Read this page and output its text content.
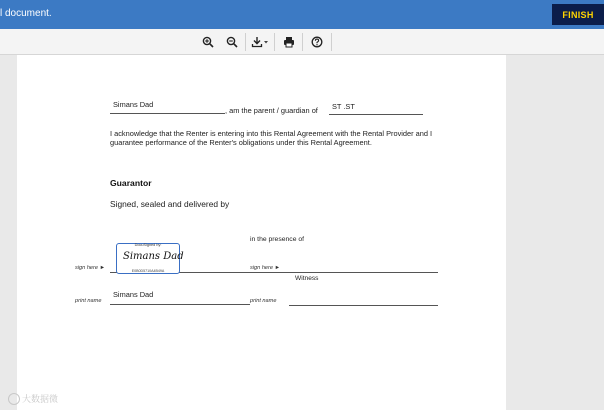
l document.	FINISH
Simans Dad
, am the parent / guardian of ST .ST
I acknowledge that the Renter is entering into this Rental Agreement with the Rental Provider and I guarantee performance of the Renter's obligations under this Rental Agreement.
Guarantor
Signed, sealed and delivered by
in the presence of
sign here ►
DocuSigned by:
Simans Dad
E0B0D5710A4B49A	sign here ►
Witness
print name
Simans Dad
print name
大数据微
